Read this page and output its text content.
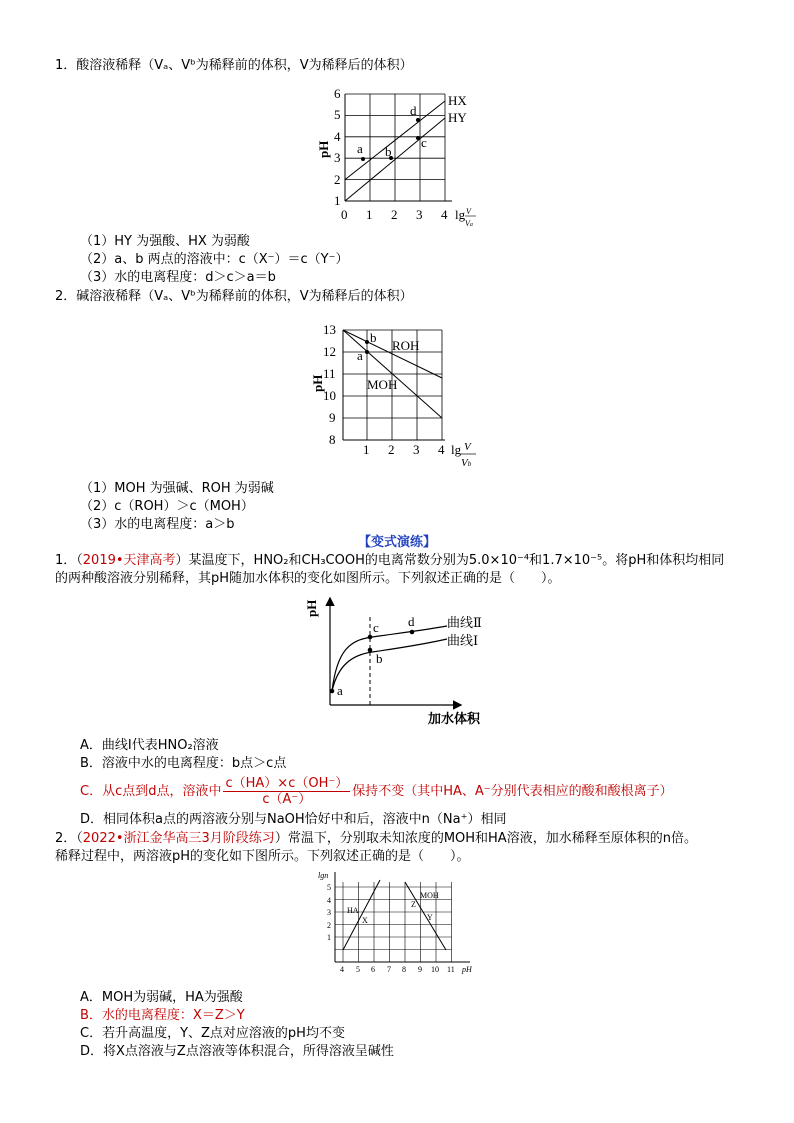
1．酸溶液稀释（Vₐ、Vᵇ为稀释前的体积，V为稀释后的体积）
1
2
3
4
5
6
0 1 2 3 4 lg V
Va
pH
HX
HY
a b
c
d
（1）HY 为强酸、HX 为弱酸
（2）a、b 两点的溶液中：c（X⁻）＝c（Y⁻）
（3）水的电离程度：d＞c＞a＝b
2．碱溶液稀释（Vₐ、Vᵇ为稀释前的体积，V为稀释后的体积）
8
9
10
11
12
13
1 2 3 4 lg V
Vb
pH
ROH
MOH
a
b
（1）MOH 为强碱、ROH 为弱碱
（2）c（ROH）＞c（MOH）
（3）水的电离程度：a＞b
【变式演练】
1．（2019•天津高考）某温度下，HNO₂和CH₃COOH的电离常数分别为5.0×10⁻⁴和1.7×10⁻⁵。将pH和体积均相同
的两种酸溶液分别稀释，其pH随加水体积的变化如图所示。下列叙述正确的是（　　）。
pH
加水体积
曲线Ⅱ
曲线Ⅰ
a
b
c d
A．曲线Ⅰ代表HNO₂溶液
B．溶液中水的电离程度：b点＞c点
C．从c点到d点，溶液中 $\frac{c(HA)\times c(OH^-)}{c(A^-)}$ 保持不变（其中HA、A⁻分别代表相应的酸和酸根离子）
D．相同体积a点的两溶液分别与NaOH恰好中和后，溶液中n（Na⁺）相同
2．（2022•浙江金华高三3月阶段练习）常温下，分别取未知浓度的MOH和HA溶液，加水稀释至原体积的n倍。
稀释过程中，两溶液pH的变化如下图所示。下列叙述正确的是（　　）。
lgn
5
4
3
2
1
4 5 6 7 8 9 10 11 pH
HA
MOH
X	Y
Z
A．MOH为弱碱，HA为强酸
B．水的电离程度：X＝Z＞Y
C．若升高温度，Y、Z点对应溶液的pH均不变
D．将X点溶液与Z点溶液等体积混合，所得溶液呈碱性
